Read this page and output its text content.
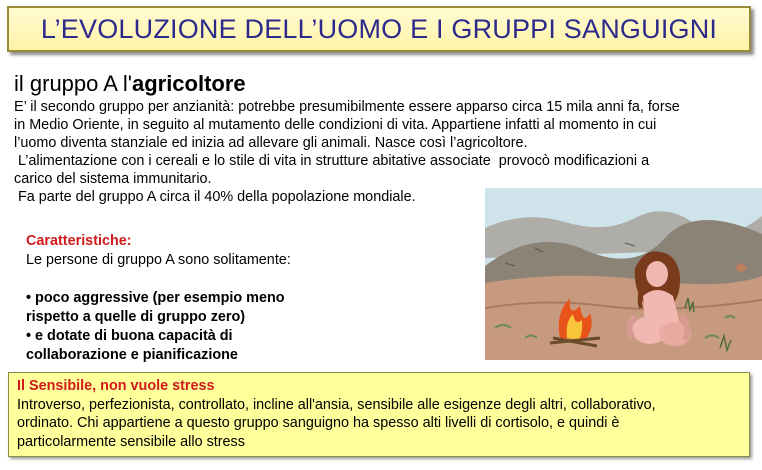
L’EVOLUZIONE DELL’UOMO E I GRUPPI SANGUIGNI
il gruppo A l'agricoltore

E’ il secondo gruppo per anzianità: potrebbe presumibilmente essere apparso circa 15 mila anni fa, forse

in Medio Oriente, in seguito al mutamento delle condizioni di vita. Appartiene infatti al momento in cui

l’uomo diventa stanziale ed inizia ad allevare gli animali. Nasce così l’agricoltore.

L’alimentazione con i cereali e lo stile di vita in strutture abitative associate  provocò modificazioni a

carico del sistema immunitario.

Fa parte del gruppo A circa il 40% della popolazione mondiale.

Caratteristiche:
Le persone di gruppo A sono solitamente:
• poco aggressive (per esempio meno
rispetto a quelle di gruppo zero)
• e dotate di buona capacità di
collaborazione e pianificazione

Il Sensibile, non vuole stress

Introverso, perfezionista, controllato, incline all'ansia, sensibile alle esigenze degli altri, collaborativo,

ordinato. Chi appartiene a questo gruppo sanguigno ha spesso alti livelli di cortisolo, e quindi è

particolarmente sensibile allo stress
